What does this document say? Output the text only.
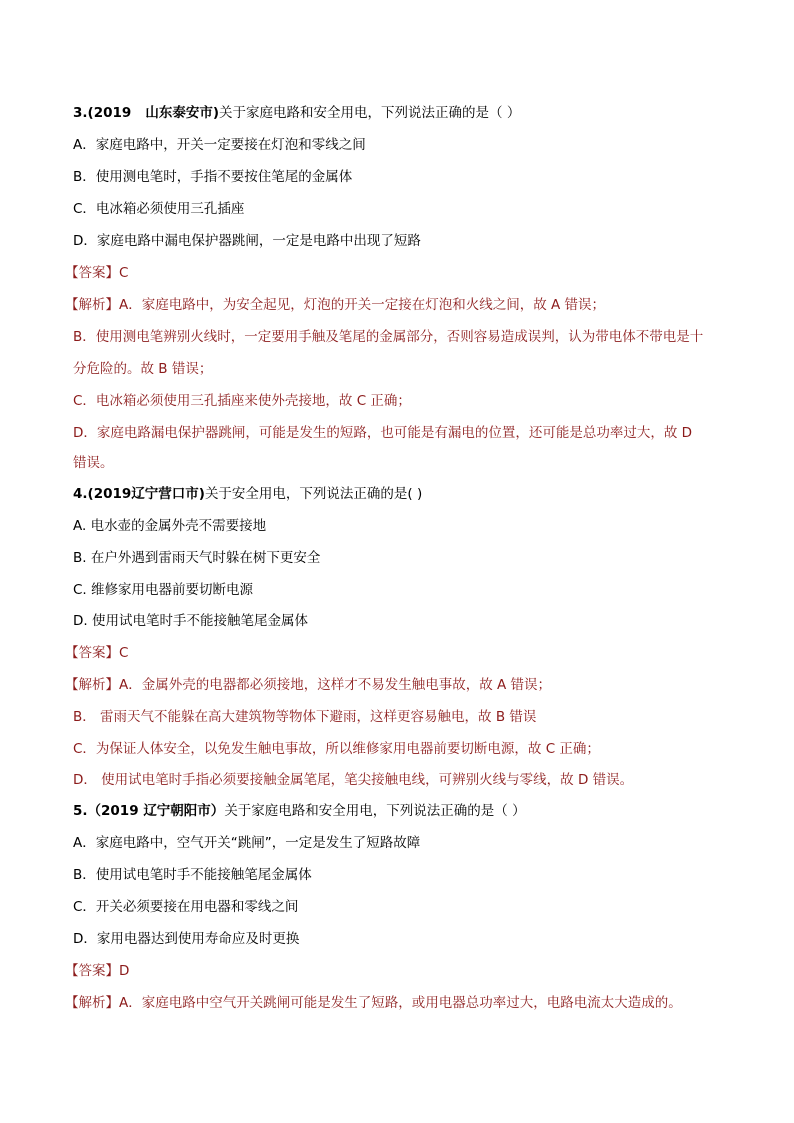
3.(2019 山东泰安市)关于家庭电路和安全用电，下列说法正确的是（ ）
A．家庭电路中，开关一定要接在灯泡和零线之间
B．使用测电笔时，手指不要按住笔尾的金属体
C．电冰箱必须使用三孔插座
D．家庭电路中漏电保护器跳闸，一定是电路中出现了短路
【答案】C
【解析】A．家庭电路中，为安全起见，灯泡的开关一定接在灯泡和火线之间，故 A 错误；
B．使用测电笔辨别火线时，一定要用手触及笔尾的金属部分，否则容易造成误判，认为带电体不带电是十
分危险的。故 B 错误；
C．电冰箱必须使用三孔插座来使外壳接地，故 C 正确；
D．家庭电路漏电保护器跳闸，可能是发生的短路，也可能是有漏电的位置，还可能是总功率过大，故 D
错误。
4.(2019辽宁营口市)关于安全用电，下列说法正确的是( )
A. 电水壶的金属外壳不需要接地
B. 在户外遇到雷雨天气时躲在树下更安全
C. 维修家用电器前要切断电源
D. 使用试电笔时手不能接触笔尾金属体
【答案】C
【解析】A．金属外壳的电器都必须接地，这样才不易发生触电事故，故 A 错误；
B． 雷雨天气不能躲在高大建筑物等物体下避雨，这样更容易触电，故 B 错误
C．为保证人体安全，以免发生触电事故，所以维修家用电器前要切断电源，故 C 正确；
D． 使用试电笔时手指必须要接触金属笔尾，笔尖接触电线，可辨别火线与零线，故 D 错误。
5.（2019 辽宁朝阳市）关于家庭电路和安全用电，下列说法正确的是（ ）
A．家庭电路中，空气开关“跳闸”，一定是发生了短路故障
B．使用试电笔时手不能接触笔尾金属体
C．开关必须要接在用电器和零线之间
D．家用电器达到使用寿命应及时更换
【答案】D
【解析】A．家庭电路中空气开关跳闸可能是发生了短路，或用电器总功率过大，电路电流太大造成的。
